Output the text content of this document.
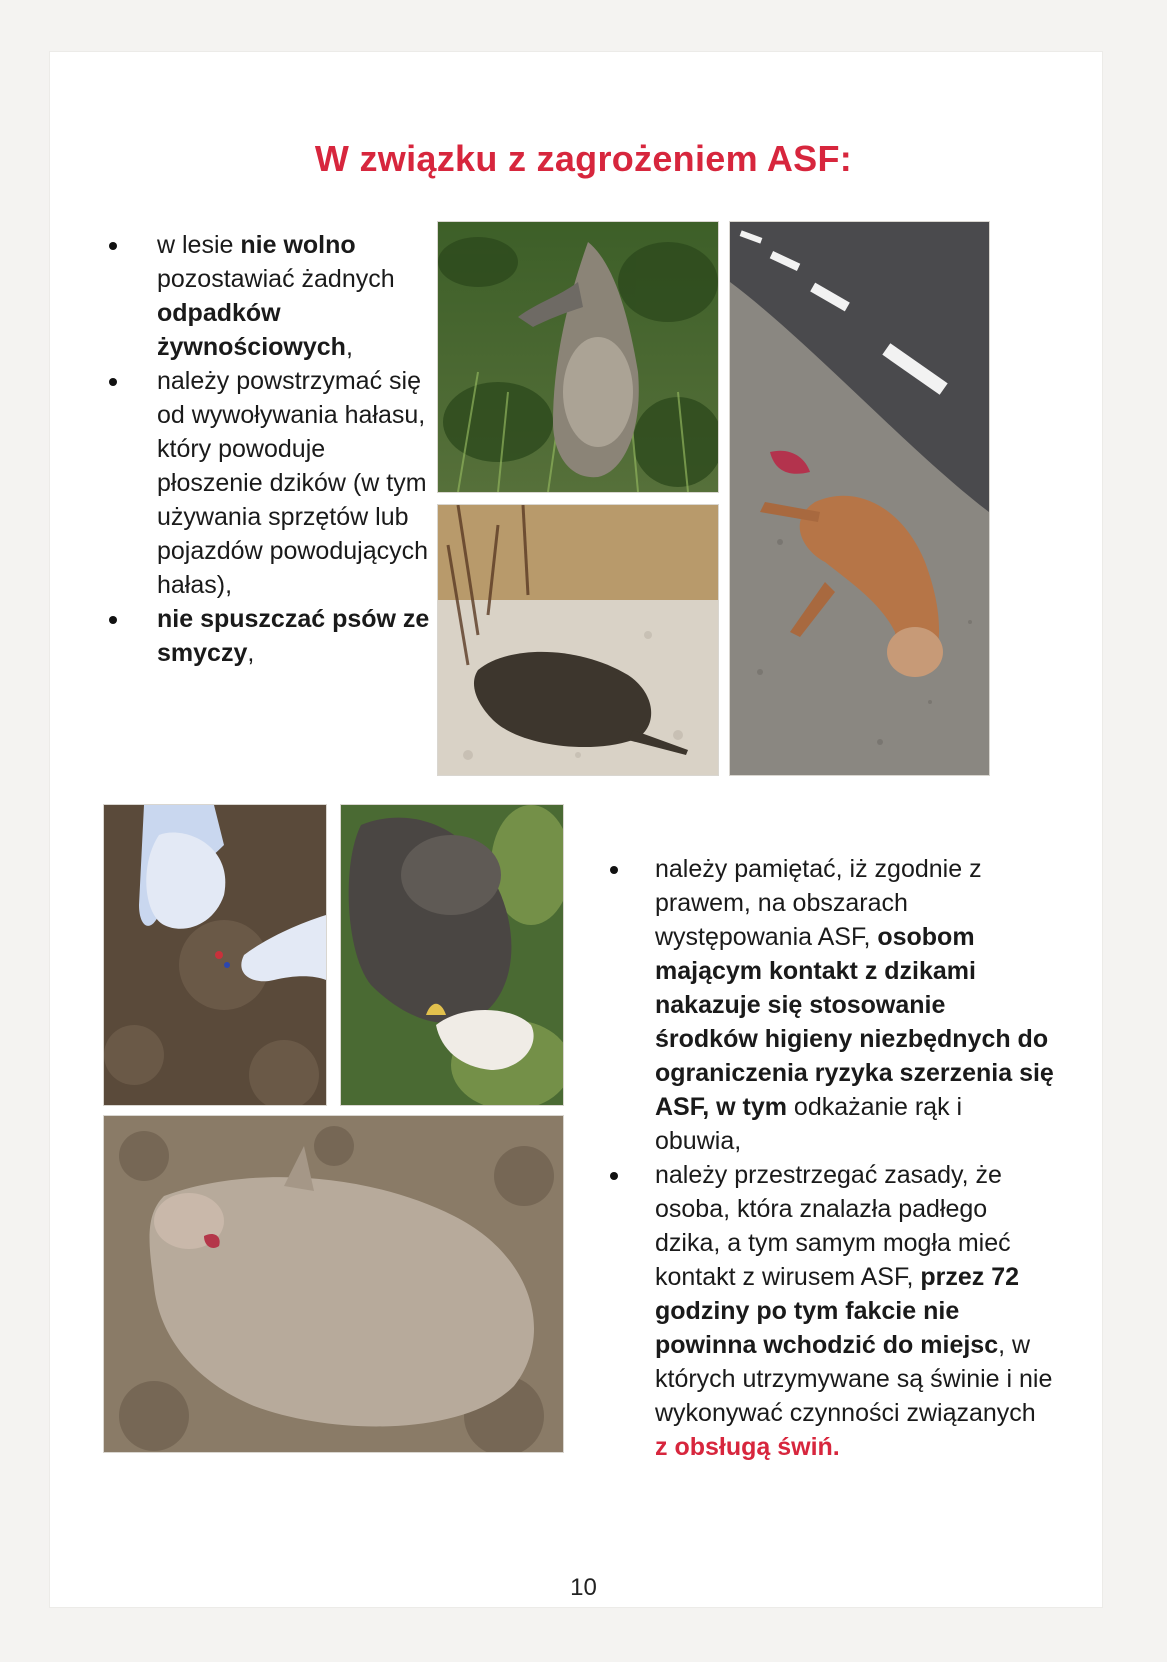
W związku z zagrożeniem ASF:
w lesie nie wolno pozostawiać żadnych odpadków żywnościowych,
należy powstrzymać się od wywoływania hałasu, który powoduje płoszenie dzików (w tym używania sprzętów lub pojazdów powodujących hałas),
nie spuszczać psów ze smyczy,
należy pamiętać, iż zgodnie z prawem, na obszarach występowania ASF, osobom mającym kontakt z dzikami nakazuje się stosowanie środków higieny niezbędnych do ograniczenia ryzyka szerzenia się ASF, w tym odkażanie rąk i obuwia,
należy przestrzegać zasady, że osoba, która znalazła padłego dzika, a tym samym mogła mieć kontakt z wirusem ASF, przez 72 godziny po tym fakcie nie powinna wchodzić do miejsc, w których utrzymywane są świnie i nie wykonywać czynności związanych z obsługą świń.
10
